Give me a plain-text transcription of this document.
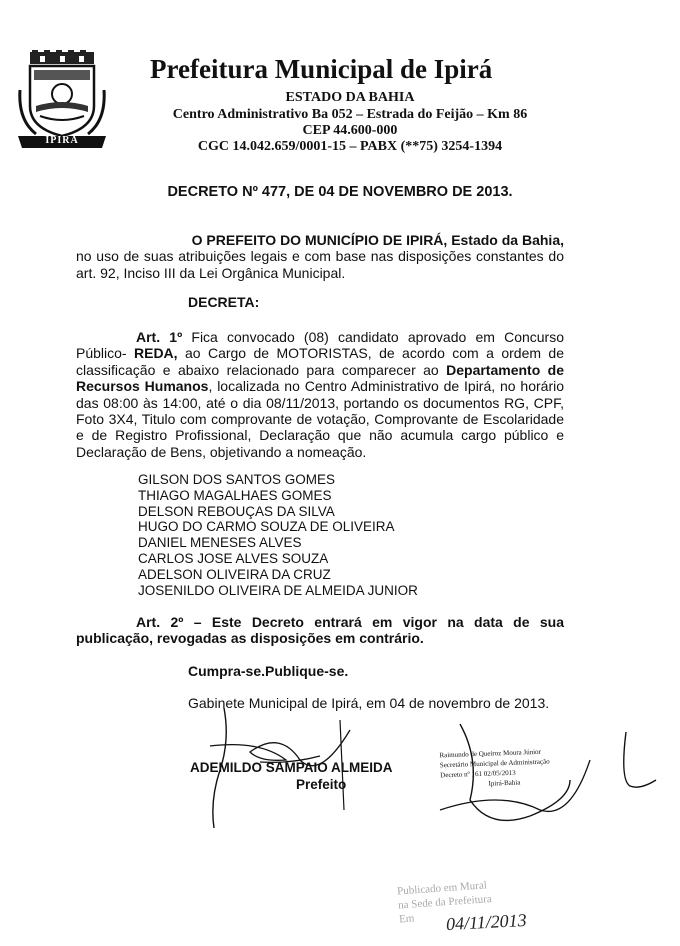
IPIRÁ
Prefeitura Municipal de Ipirá
ESTADO DA BAHIA
Centro Administrativo Ba 052 – Estrada do Feijão – Km 86
CEP 44.600-000
CGC 14.042.659/0001-15 – PABX (**75) 3254-1394
DECRETO Nº 477, DE 04 DE NOVEMBRO DE 2013.
O PREFEITO DO MUNICÍPIO DE IPIRÁ, Estado da Bahia,
no uso de suas atribuições legais e com base nas disposições constantes do art. 92, Inciso III da Lei Orgânica Municipal.
DECRETA:
Art. 1º Fica convocado (08) candidato aprovado em Concurso Público- REDA, ao Cargo de MOTORISTAS, de acordo com a ordem de classificação e abaixo relacionado para comparecer ao Departamento de Recursos Humanos, localizada no Centro Administrativo de Ipirá, no horário das 08:00 às 14:00, até o dia 08/11/2013, portando os documentos RG, CPF, Foto 3X4, Titulo com comprovante de votação, Comprovante de Escolaridade e de Registro Profissional, Declaração que não acumula cargo público e Declaração de Bens, objetivando a nomeação.
GILSON DOS SANTOS GOMES
THIAGO MAGALHAES GOMES
DELSON REBOUÇAS DA SILVA
HUGO DO CARMO SOUZA DE OLIVEIRA
DANIEL MENESES ALVES
CARLOS JOSE ALVES SOUZA
ADELSON OLIVEIRA DA CRUZ
JOSENILDO OLIVEIRA DE ALMEIDA JUNIOR
Art. 2º – Este Decreto entrará em vigor na data de sua publicação, revogadas as disposições em contrário.
Cumpra-se.Publique-se.
Gabinete Municipal de Ipirá, em 04 de novembro de 2013.
ADEMILDO SAMPAIO ALMEIDA
Prefeito
Raimundo de Queiroz Moura Júnior
Secretário Municipal de Administração
Decreto nº 161 02/05/2013
Ipirá-Bahia
Publicado em Mural
na Sede da Prefeitura
Em	04/11/2013
